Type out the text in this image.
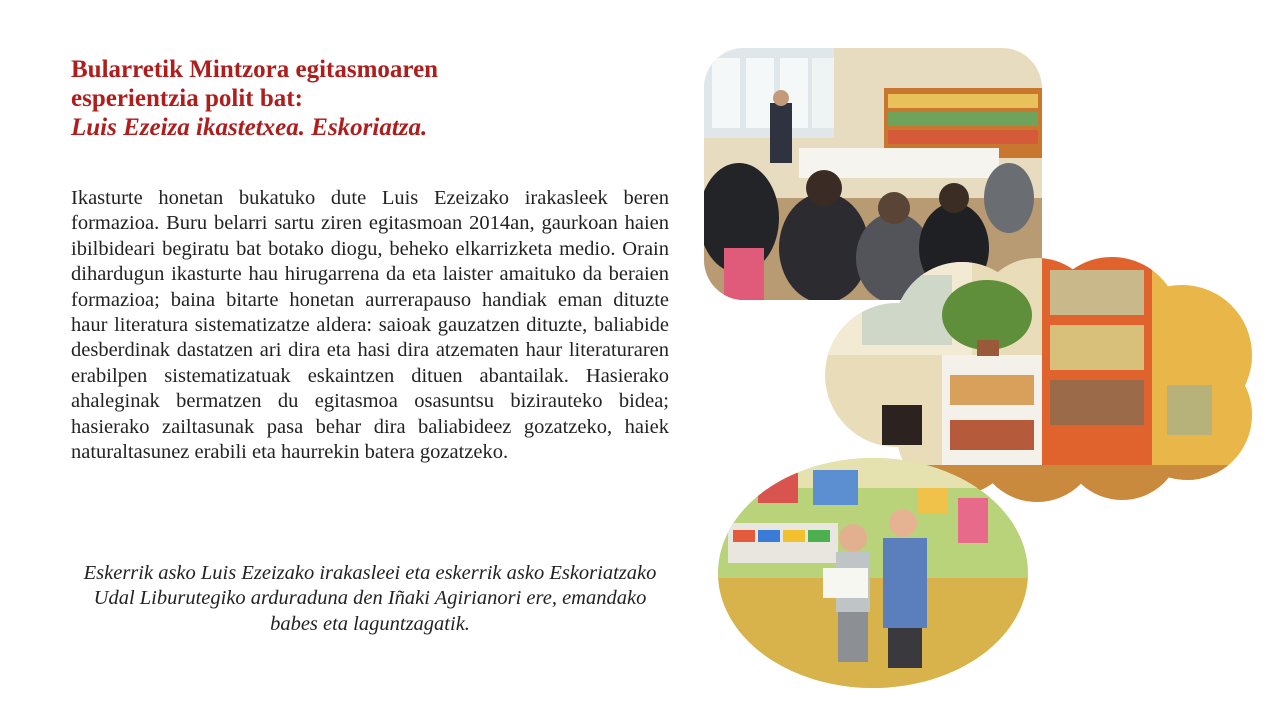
Bularretik Mintzora egitasmoaren
esperientzia polit bat:
Luis Ezeiza ikastetxea. Eskoriatza.

Ikasturte honetan bukatuko dute Luis Ezeizako irakasleek beren formazioa. Buru belarri sartu ziren egitasmoan 2014an, gaurkoan haien ibilbideari begiratu bat botako diogu, beheko elkarrizketa medio. Orain dihardugun ikasturte hau hirugarrena da eta laister amaituko da beraien formazioa; baina bitarte honetan aurrerapauso handiak eman dituzte haur literatura sistematizatze aldera: saioak gauzatzen dituzte, baliabide desberdinak dastatzen ari dira eta hasi dira atzematen haur literaturaren erabilpen sistematizatuak eskaintzen dituen abantailak. Hasierako ahaleginak bermatzen du egitasmoa osasuntsu bizirauteko bidea; hasierako zailtasunak pasa behar dira baliabideez gozatzeko, haiek naturaltasunez erabili eta haurrekin batera gozatzeko.

Eskerrik asko Luis Ezeizako irakasleei eta eskerrik asko Eskoriatzako Udal Liburutegiko arduraduna den Iñaki Agirianori ere, emandako babes eta laguntzagatik.
